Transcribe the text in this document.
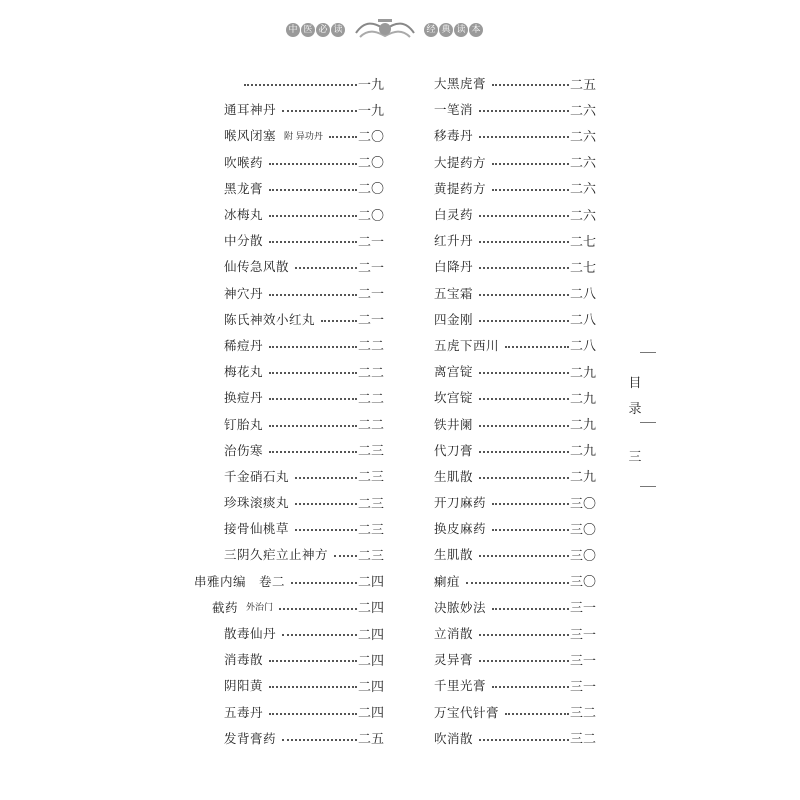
中 医 必 读	经 典 读 本
一九
通耳神丹	一九
喉风闭塞 附 异功丹	二〇
吹喉药	二〇
黑龙膏	二〇
冰梅丸	二〇
中分散	二一
仙传急风散	二一
神穴丹	二一
陈氏神效小红丸	二一
稀痘丹	二二
梅花丸	二二
换痘丹	二二
钉胎丸	二二
治伤寒	二三
千金硝石丸	二三
珍珠滚痰丸	二三
接骨仙桃草	二三
三阴久疟立止神方 二三
串雅内编　卷二	二四
截药 外治门	二四
散毒仙丹	二四
消毒散	二四
阴阳黄	二四
五毒丹	二四
发背膏药	二五
大黑虎膏	二五
一笔消	二六
移毒丹	二六
大提药方	二六
黄提药方	二六
白灵药	二六
红升丹	二七
白降丹	二七
五宝霜	二八
四金刚	二八
五虎下西川	二八
离宫锭	二九
坎宫锭	二九
铁井阑	二九
代刀膏	二九
生肌散	二九
开刀麻药	三〇
换皮麻药	三〇
生肌散	三〇
瘌疽	三〇
决脓妙法	三一
立消散	三一
灵异膏	三一
千里光膏	三一
万宝代针膏	三二
吹消散	三二
目
录
三
